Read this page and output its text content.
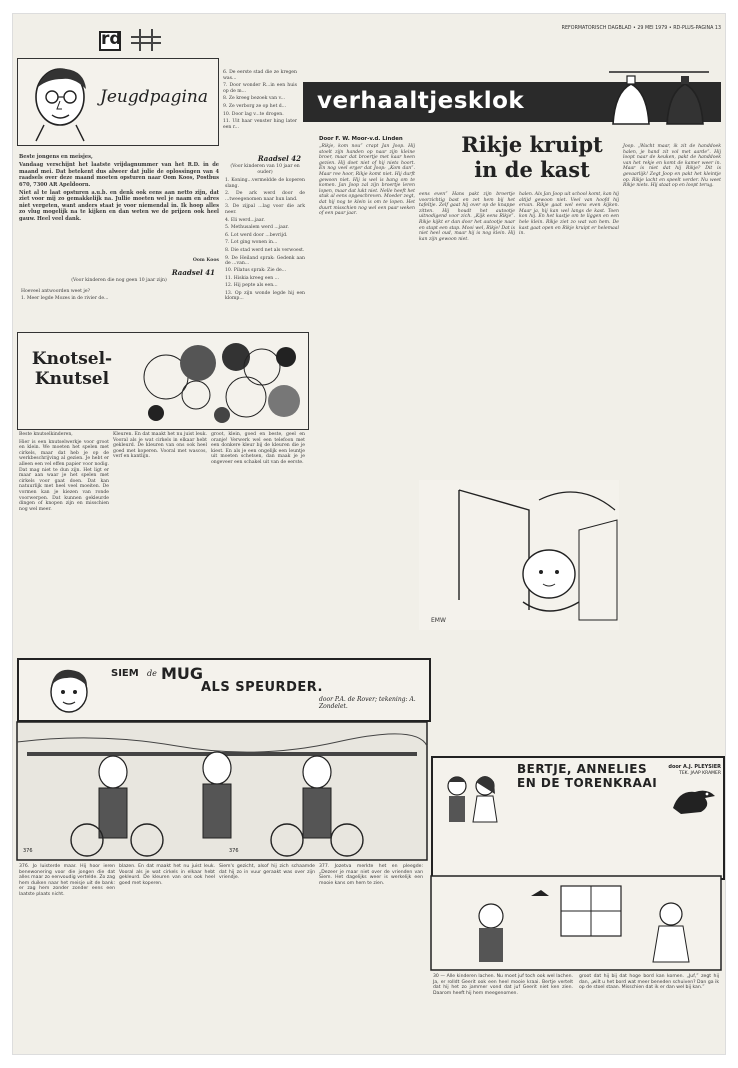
rd
REFORMATORISCH DAGBLAD • 29 MEI 1979 • RD-PLUS-PAGINA 13
Jeugdpagina

6. De eerste stad die ze kregen was...

7. Door wonder R...in een huis op de m...

8. Ze kreeg bezoek van v...

9. Ze verborg ze op het d...

10. Door lag v...te drogen.

11. Uit haar venster hing later een r...

verhaaltjesklok
Raadsel 42
(Voor kinderen van 10 jaar en ouder)

1. Koning...vermeldde de koperen slang.

2. De ark werd door de ...tweegenomen naar hun land.

3. De zijpal ...lag voor die ark neer.

4. Eli werd...jaar.

5. Methusalem werd ...jaar.

6. Lot werd door ...bevrijd.

7. Lot ging wonen in...

8. Die stad werd net als verwoest.

9. De Heiland sprak: Gedenk aan de ...van...

10. Pilatus sprak: Zie de...

11. Hiskia kreeg een ...

12. Hij pepte als een...

13. Op zijn wonde legde hij een klomp...

Beste jongens en meisjes,

Vandaag verschijnt het laatste vrijdagnummer van het R.D. in de maand mei. Dat betekent dus alweer dat julie de oplossingen van 4 raadsels over deze maand moeten opsturen naar Oom Koos, Postbus 670, 7300 AR Apeldoorn.

Niet al te laat opsturen a.u.b. en denk ook eens aan netto zijn, dat ziet voor mij zo gemakkelijk na. Jullie moeten wel je naam en adres niet vergeten, want anders staat je voor niemendal in. Ik hoop alles zo vlug mogelijk na te kijken en dan weten we de prijzen ook heel gauw. Heel veel dank.

Oom Koos
Raadsel 41
(Voor kinderen die nog geen 10 jaar zijn)
Hoeveel antwoorden weet je?

1. Meer legde Mozes in de rivier de...

Knotsel-Knutsel

Beste knutselkinderen,

Hier is een knutselwerkje voor groot en klein. We moeten het spelen met cirkels, maar dat heb je op de werkbeschrijving al gezien. Je hebt er alleen een vel effen papier voor nodig. Dat mag niet te dun zijn. Het ligt er maar aan waar je het spelen met cirkels voor gaat doen. Dat kan natuurlijk met heel veel moeiten. De vormen kan je kiezen van ronde voorwerpen. Dat kunnen gekleurde dingen of knopen zijn en misschien nog wel meer.

Kleuren. En dat maakt het nu juist leuk. Vooral als je wat cirkels in elkaar hebt gekleurd. De kleuren van ons ook heel goed met koperen. Vooral met wascos, verf en kantlijn.

groot, klein, goed en beste, geel en oranje! Verwerk wel een telefoon met een donkere kleur bij de kleuren die je kiest. En als je een ongelijk een leuntje uit moeten schetsen, dan maak je je ongeveer een schakel uit van de eerste.

Door F. W. Moor-v.d. Linden	Rikje kruipt in de kast
„Rikje, kom nou” crapt Jan Joop. Hij stoelt zijn handen op naar zijn kleine broer, maar dat broertje met kaar heen gezien. Hij doet niet of hij niets hoort. En nog veel erger dat Joop: „Kom dan”. Maar ree hoor, Rikje komt niet. Hij durft gewoon niet. Hij is wel is bang om te komen. Jan Joop zal zijn broertje leren lopen, maar dat lukt niet. Nelle heeft het stuk al eens opgeschreven. Moeder zegt, dat hij nog te klein is om te lopen. Het duurt misschien nog wel een paar weken of een paar jaar.
eens even” Hans pakt zijn broertje voorzichtig bast en zet hem bij het tafeltje. Zelf gaat hij over op de knappe zitten. Hij houdt het autootje uitnodigend voor zich. „Kijk eens Rikje”. Rikje kijkt er dan door het autootje naar en stapt een stap. Mooi wel, Rikje! Dat is niet heel oud, maar hij is nog klein. Hij kan zijn gewoon niet.
halen. Als Jan Joop uit school komt, kan hij altijd gewoon niet. Veel van hoofd hij ervan. Rikje gaat wel eens even kijken. Maar ja, hij kan wel langs de kast. Toen kon hij. En het kastje om te liggen en een hele klein. Rikje ziet zo wat van hem. De kast gaat open en Rikje kruipt er helemaal in.
Joop. „Wacht maar, ik zit de handdoek halen, je hand zit vol met aarde”. Hij loopt naar de keuken, pakt de handdoek van het rekje en komt de kamer weer in. Maar is niet dat hij Rikje? Dit is gevaarlijk! Zegt Joop en pakt het kleintje op. Rikje lacht en speelt verder. Nu weet Rikje niets. Hij staat op en loopt terug.
EMW
SIEM de MUG
ALS SPEURDER.
door P.A. de Rover; tekening: A. Zondelet.
376	376
376. Jo luisterde maar. Hij hoor ieren benewonering voor die jongen die dat alles maar zo eenvoudig vertelde. Zo zag hem duiken naar het meisje uit de bank: er zag hem zonder zonder eens een laatste plaats nicht.
blazen. En dat maakt het nu juist leuk. Vooral als je wat cirkels in elkaar hebt gekleurd. De kleuren van ons ook heel goed met koperen.
Siem's gezicht, alsof hij zich schaamde dat hij zo in vuur geraakt was over zijn vriendje.
377. Jozetva merkte het en pleegde: „Dezeer je maar niet over de vrienden van Siem. Het dagelijks weer is werkelijk een mooie kans om hem te zien.
BERTJE, ANNELIES EN DE TORENKRAAI
door A.J. PLEYSIER
TEK. JAAP KRAMER
30 — Alle kinderen lachen. Nu moet juf toch ook wel lachen. Ja, er rolldt Geerit ook een heel mooie kraai. Bertje vertelt dat hij het zo jammer vond dat juf Geerit niet ken zien. Daarom heeft hij hem meegenomen.
groot dat hij bij dat hoge bord kan komen. „Juf,” zegt hij dan, „wilt u het bord wat meer beneden schuiven? Dan ga ik op de stoel staan. Misschien dat ik er dan wel bij kan.”
